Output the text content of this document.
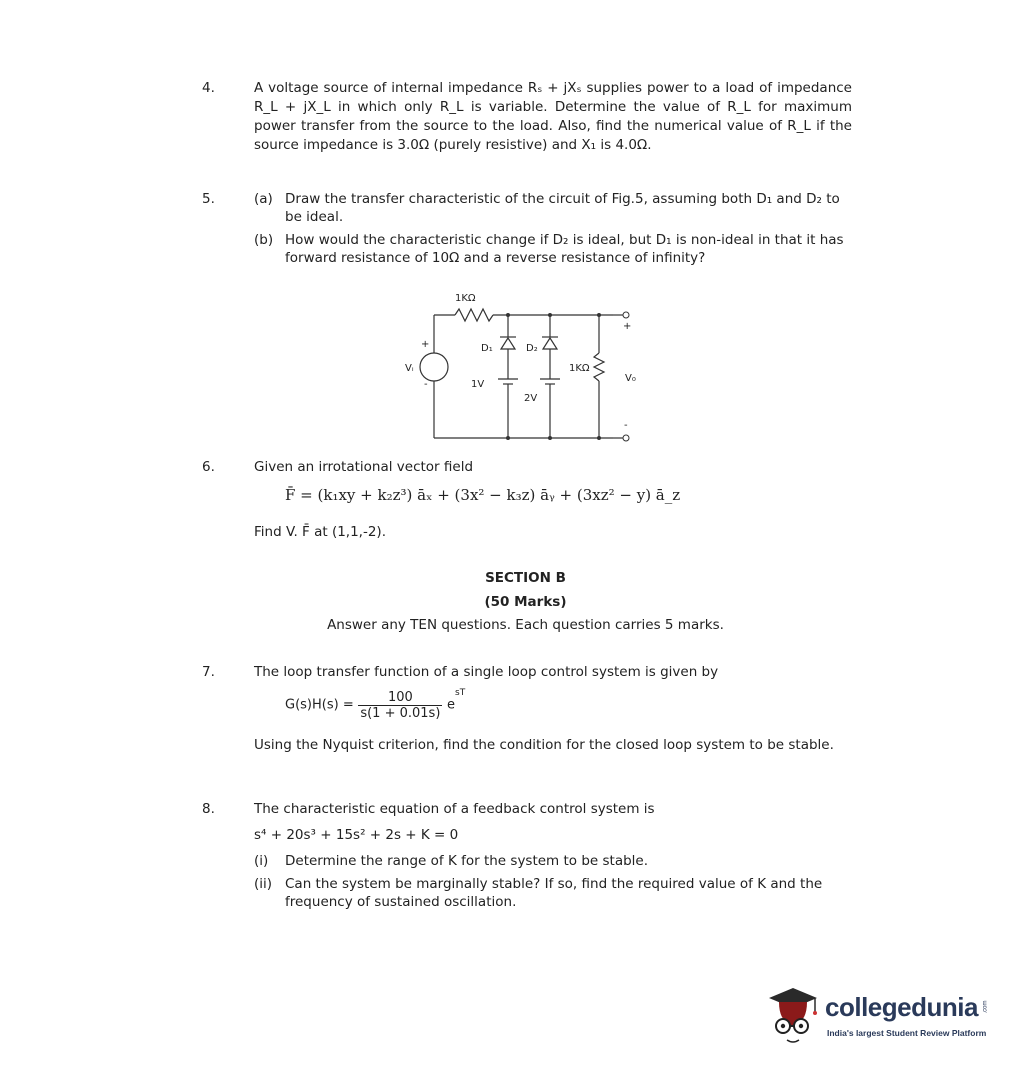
4.	A voltage source of internal impedance Rₛ + jXₛ supplies power to a load of impedance R_L + jX_L in which only R_L is variable. Determine the value of R_L for maximum power transfer from the source to the load. Also, find the numerical value of R_L if the source impedance is 3.0Ω (purely resistive) and X₁ is 4.0Ω.
5.	(a) Draw the transfer characteristic of the circuit of Fig.5, assuming both D₁ and D₂ to be ideal.
(b) How would the characteristic change if D₂ is ideal, but D₁ is non-ideal in that it has forward resistance of 10Ω and a reverse resistance of infinity?
1KΩ
D₁	D₂
1KΩ
Vᵢ
V₀
1V
2V
+
-
+
-
6.	Given an irrotational vector field
F̄ = (k₁xy + k₂z³) āₓ + (3x² − k₃z) āᵧ + (3xz² − y) ā_z
Find V. F̄ at (1,1,-2).
SECTION B
(50 Marks)
Answer any TEN questions. Each question carries 5 marks.
7.	The loop transfer function of a single loop control system is given by
$G(s)H(s) = \frac{100}{s(1 + 0.01s)} e^{sT}$
Using the Nyquist criterion, find the condition for the closed loop system to be stable.
8.	The characteristic equation of a feedback control system is
s⁴ + 20s³ + 15s² + 2s + K = 0
(i) Determine the range of K for the system to be stable.
(ii) Can the system be marginally stable? If so, find the required value of K and the frequency of sustained oscillation.
collegedunia .com
India's largest Student Review Platform
